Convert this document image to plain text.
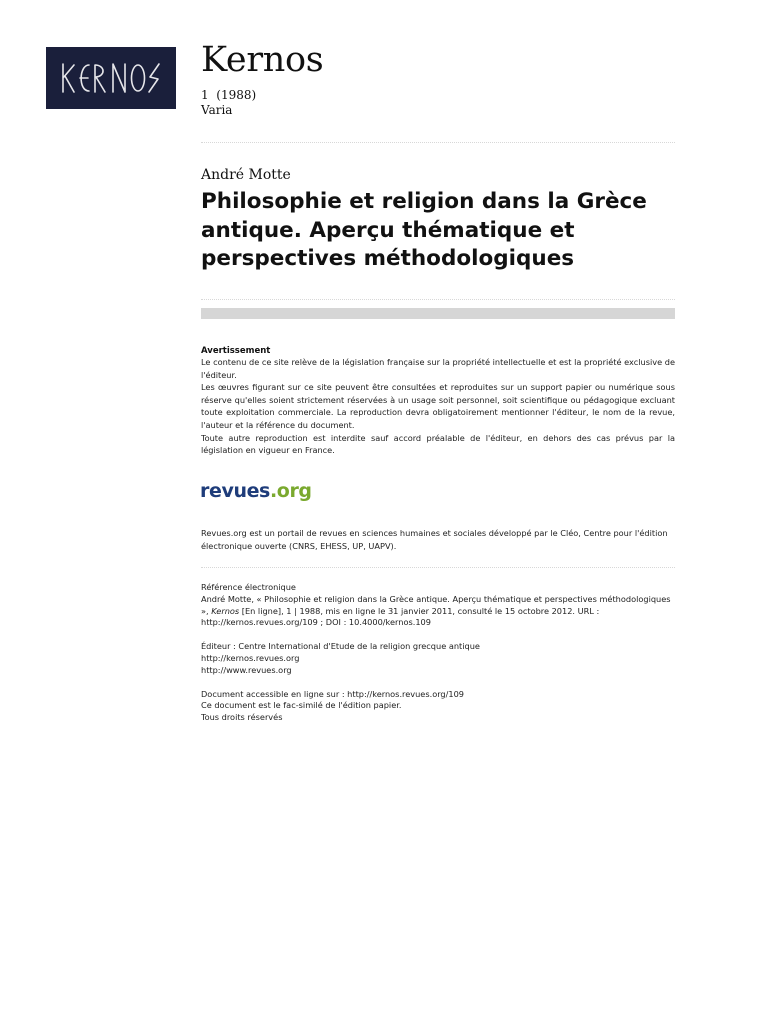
Kernos
1  (1988)
Varia
André Motte
Philosophie et religion dans la Grèce antique. Aperçu thématique et perspectives méthodologiques
Avertissement

Le contenu de ce site relève de la législation française sur la propriété intellectuelle et est la propriété exclusive de l'éditeur.

Les œuvres figurant sur ce site peuvent être consultées et reproduites sur un support papier ou numérique sous réserve qu'elles soient strictement réservées à un usage soit personnel, soit scientifique ou pédagogique excluant toute exploitation commerciale. La reproduction devra obligatoirement mentionner l'éditeur, le nom de la revue, l'auteur et la référence du document.

Toute autre reproduction est interdite sauf accord préalable de l'éditeur, en dehors des cas prévus par la législation en vigueur en France.

revues.org
Revues.org est un portail de revues en sciences humaines et sociales développé par le Cléo, Centre pour l'édition électronique ouverte (CNRS, EHESS, UP, UAPV).

Référence électronique

André Motte, « Philosophie et religion dans la Grèce antique. Aperçu thématique et perspectives méthodologiques », Kernos [En ligne], 1 | 1988, mis en ligne le 31 janvier 2011, consulté le 15 octobre 2012. URL : http://kernos.revues.org/109 ; DOI : 10.4000/kernos.109

Éditeur : Centre International d'Etude de la religion grecque antique

http://kernos.revues.org

http://www.revues.org

Document accessible en ligne sur : http://kernos.revues.org/109

Ce document est le fac-similé de l'édition papier.

Tous droits réservés
